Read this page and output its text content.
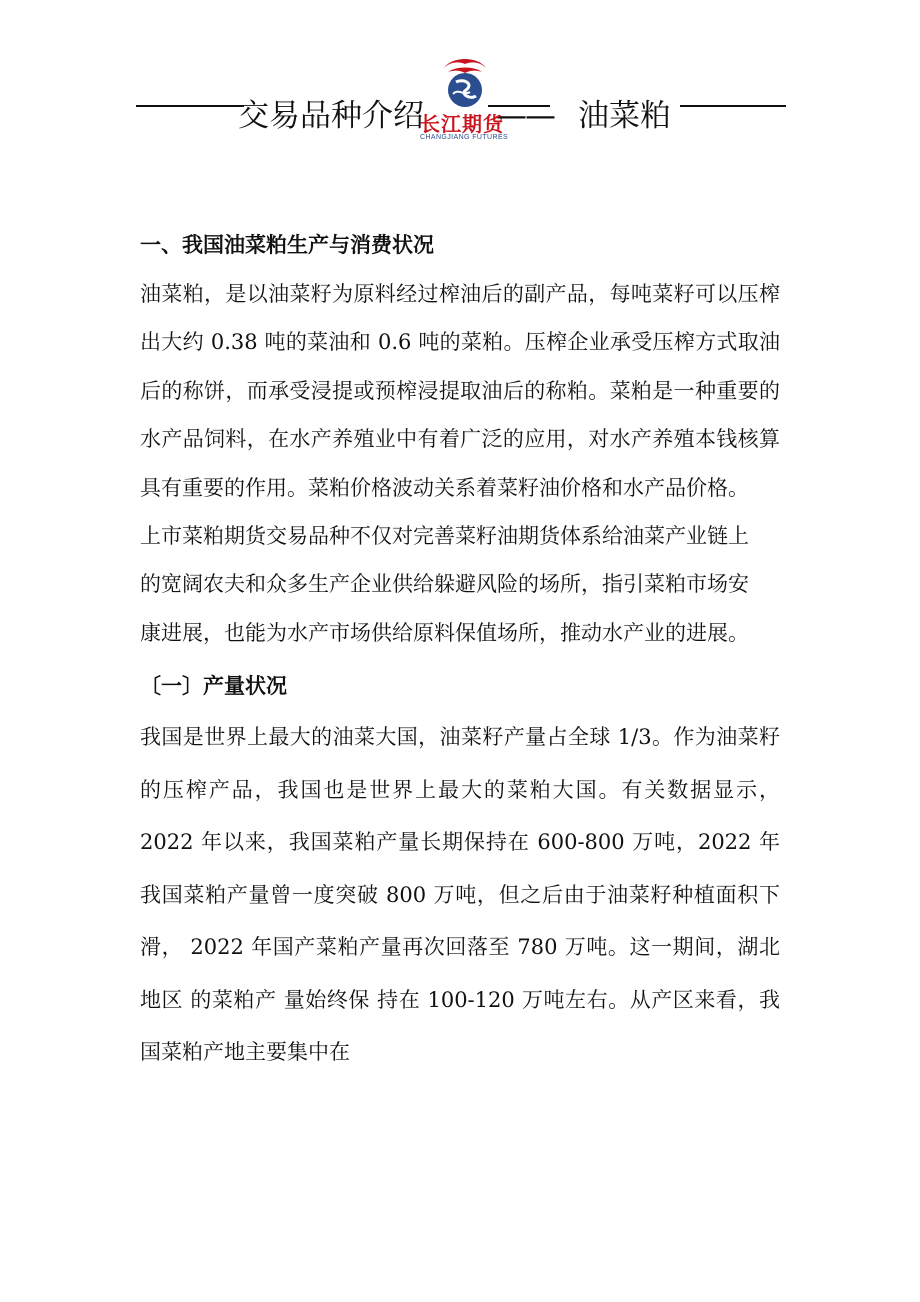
交易品种介绍 —— 油菜粕
长江期货
CHANGJIANG FUTURES
一、我国油菜粕生产与消费状况

油菜粕，是以油菜籽为原料经过榨油后的副产品，每吨菜籽可以压榨出大约 0.38 吨的菜油和 0.6 吨的菜粕。压榨企业承受压榨方式取油后的称饼，而承受浸提或预榨浸提取油后的称粕。菜粕是一种重要的水产品饲料，在水产养殖业中有着广泛的应用，对水产养殖本钱核算具有重要的作用。菜粕价格波动关系着菜籽油价格和水产品价格。

上市菜粕期货交易品种不仅对完善菜籽油期货体系给油菜产业链上的宽阔农夫和众多生产企业供给躲避风险的场所，指引菜粕市场安康进展，也能为水产市场供给原料保值场所，推动水产业的进展。

〔一〕产量状况

我国是世界上最大的油菜大国，油菜籽产量占全球 1/3。作为油菜籽的压榨产品，我国也是世界上最大的菜粕大国。有关数据显示，2022 年以来，我国菜粕产量长期保持在 600-800 万吨，2022 年我国菜粕产量曾一度突破 800 万吨，但之后由于油菜籽种植面积下滑， 2022 年国产菜粕产量再次回落至 780 万吨。这一期间，湖北地区 的菜粕产 量始终保 持在 100-120 万吨左右。从产区来看，我国菜粕产地主要集中在
